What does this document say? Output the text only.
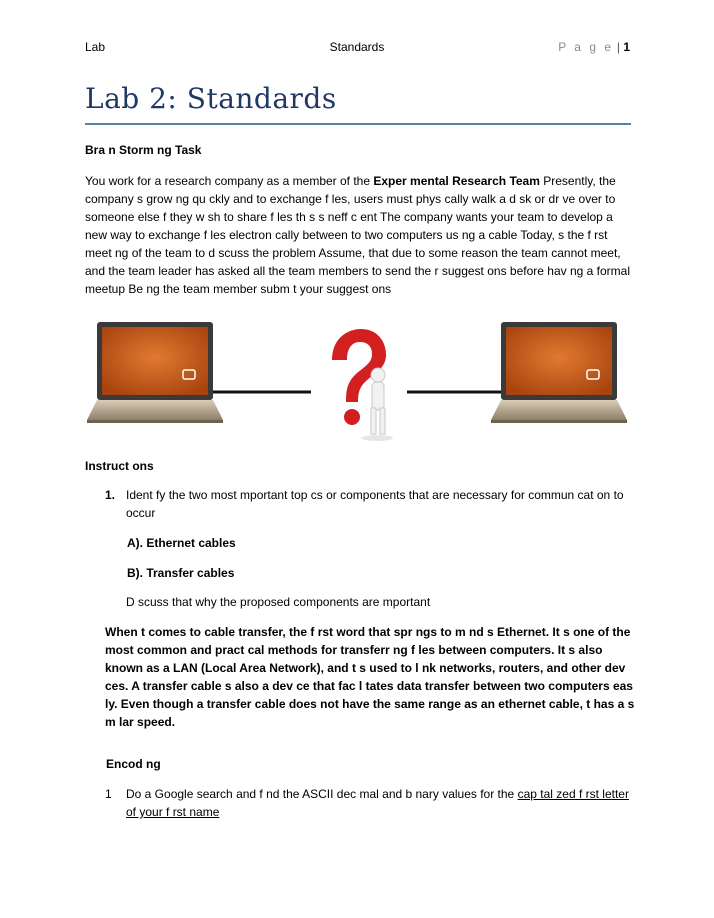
Lab	Standards	P a g e | 1
Lab 2: Standards
Bra n Storm ng Task
You work for a research company as a member of the Exper mental Research Team Presently, the company s grow ng qu ckly and to exchange f les, users must phys cally walk a d sk or dr ve over to someone else f they w sh to share f les th s s neff c ent The company wants your team to develop a new way to exchange f les electron cally between to two computers us ng a cable Today, s the f rst meet ng of the team to d scuss the problem Assume, that due to some reason the team cannot meet, and the team leader has asked all the team members to send the r suggest ons before hav ng a formal meetup Be ng the team member subm t your suggest ons
Instruct ons
1. Ident fy the two most mportant top cs or components that are necessary for commun cat on to occur
A). Ethernet cables
B). Transfer cables
D scuss that why the proposed components are mportant
When t comes to cable transfer, the f rst word that spr ngs to m nd s Ethernet. It s one of the most common and pract cal methods for transferr ng f les between computers. It s also known as a LAN (Local Area Network), and t s used to l nk networks, routers, and other dev ces. A transfer cable s also a dev ce that fac l tates data transfer between two computers eas ly. Even though a transfer cable does not have the same range as an ethernet cable, t has a s m lar speed.
Encod ng
1 Do a Google search and f nd the ASCII dec mal and b nary values for the cap tal zed f rst letter of your f rst name
